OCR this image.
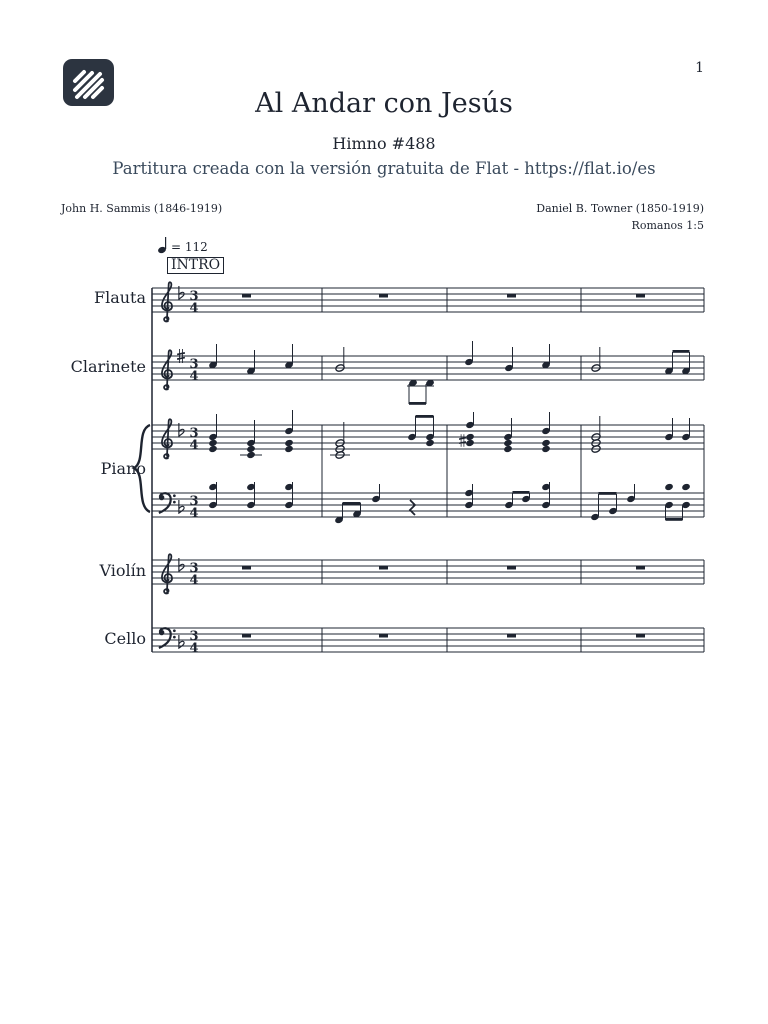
1
Al Andar con Jesús
Himno #488
Partitura creada con la versión gratuita de Flat - https://flat.io/es
John H. Sammis (1846-1919)	Daniel B. Towner (1850-1919)
Romanos 1:5
= 112
INTRO
Flauta
Clarinete
Piano
Violín
Cello
3
4
3
4
3
4
3
4
3
4
3
4
